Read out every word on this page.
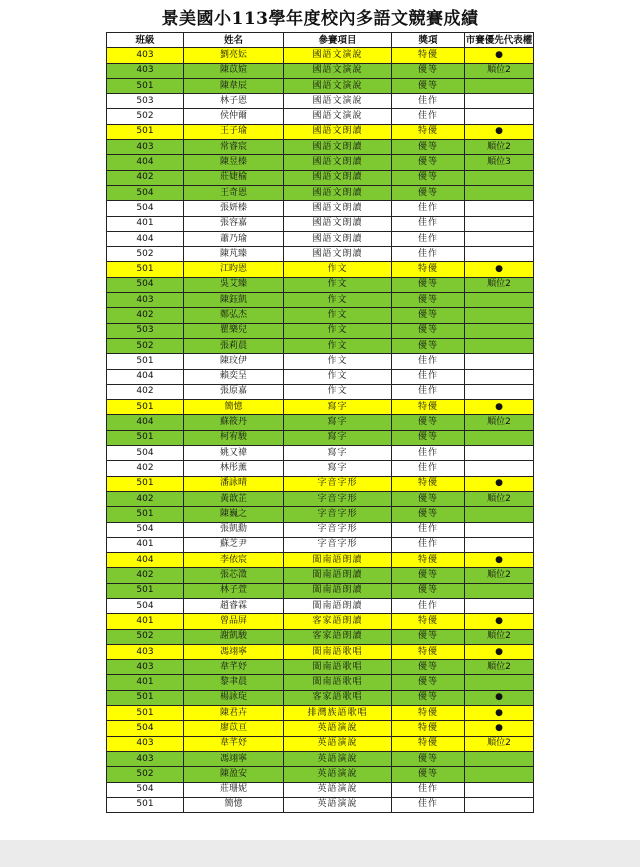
景美國小113學年度校內多語文競賽成績
班級	姓名	參賽項目	獎項	市賽優先代表權
403	劉亮妘	國語文演說	特優	●
403	陳苡媗	國語文演說	優等	順位2
501	陳韋辰	國語文演說	優等	
503	林子恩	國語文演說	佳作	
502	侯仲爾	國語文演說	佳作	
501	王子瑜	國語文朗讀	特優	●
403	常睿宸	國語文朗讀	優等	順位2
404	陳昱榛	國語文朗讀	優等	順位3
402	莊婕榆	國語文朗讀	優等	
504	王奇恩	國語文朗讀	優等	
504	張妍榛	國語文朗讀	佳作	
401	張容嘉	國語文朗讀	佳作	
404	蕭乃瑜	國語文朗讀	佳作	
502	陳芃臻	國語文朗讀	佳作	
501	江昀恩	作文	特優	●
504	吳艾臻	作文	優等	順位2
403	陳鈺凱	作文	優等	
402	鄭弘杰	作文	優等	
503	瞿樂兒	作文	優等	
502	張莉晨	作文	優等	
501	陳玟伊	作文	佳作	
404	賴奕呈	作文	佳作	
402	張原嘉	作文	佳作	
501	簡憶	寫字	特優	●
404	蘇筱丹	寫字	優等	順位2
501	柯宥駿	寫字	優等	
504	姚又禕	寫字	佳作	
402	林彤薰	寫字	佳作	
501	潘詠晴	字音字形	特優	●
402	黃歆芷	字音字形	優等	順位2
501	陳巍之	字音字形	優等	
504	張凱勳	字音字形	佳作	
401	蘇芝尹	字音字形	佳作	
404	李依宸	閩南語朗讀	特優	●
402	張芯澂	閩南語朗讀	優等	順位2
501	林子萱	閩南語朗讀	優等	
504	趙睿霖	閩南語朗讀	佳作	
401	曾品屏	客家語朗讀	特優	●
502	謝凱駿	客家語朗讀	優等	順位2
403	馮翊寧	閩南語歌唱	特優	●
403	韋芊妤	閩南語歌唱	優等	順位2
401	黎聿晨	閩南語歌唱	優等	
501	楊詠琁	客家語歌唱	優等	●
501	陳君卉	排灣族語歌唱	特優	●
504	廖苡亘	英語演說	特優	●
403	韋芊妤	英語演說	特優	順位2
403	馮翊寧	英語演說	優等	
502	陳盈安	英語演說	優等	
504	莊珊妮	英語演說	佳作	
501	簡憶	英語演說	佳作	
